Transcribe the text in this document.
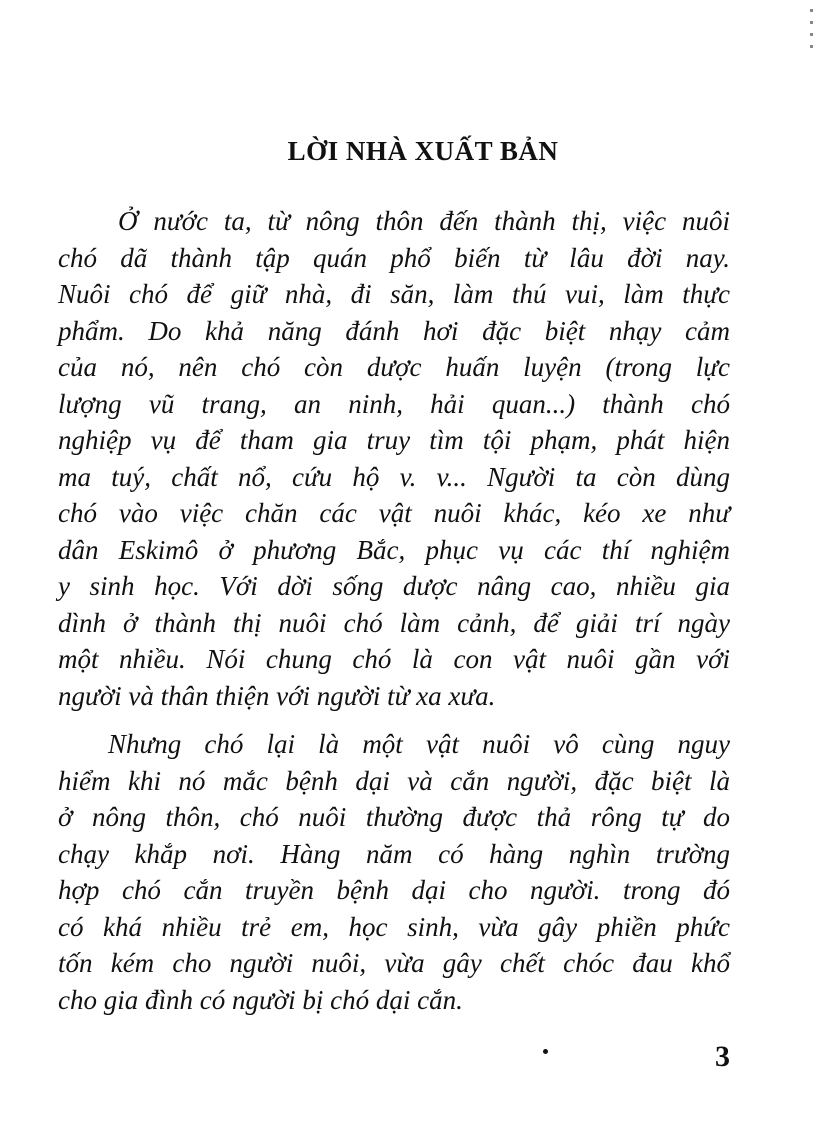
LỜI NHÀ XUẤT BẢN

Ở nước ta, từ nông thôn đến thành thị, việc nuôi
chó dã thành tập quán phổ biến từ lâu đời nay.
Nuôi chó để giữ nhà, đi săn, làm thú vui, làm thực
phẩm. Do khả năng đánh hơi đặc biệt nhạy cảm
của nó, nên chó còn dược huấn luyện (trong lực
lượng vũ trang, an ninh, hải quan...) thành chó
nghiệp vụ để tham gia truy tìm tội phạm, phát hiện
ma tuý, chất nổ, cứu hộ v. v... Người ta còn dùng
chó vào việc chăn các vật nuôi khác, kéo xe như
dân Eskimô ở phương Bắc, phục vụ các thí nghiệm
y sinh học. Với dời sống dược nâng cao, nhiều gia
dình ở thành thị nuôi chó làm cảnh, để giải trí ngày
một nhiều. Nói chung chó là con vật nuôi gần với
người và thân thiện với người từ xa xưa.

Nhưng chó lại là một vật nuôi vô cùng nguy
hiểm khi nó mắc bệnh dại và cắn người, đặc biệt là
ở nông thôn, chó nuôi thường được thả rông tự do
chạy khắp nơi. Hàng năm có hàng nghìn trường
hợp chó cắn truyền bệnh dại cho người. trong đó
có khá nhiều trẻ em, học sinh, vừa gây phiền phức
tốn kém cho người nuôi, vừa gây chết chóc đau khổ
cho gia đình có người bị chó dại cắn.

3
